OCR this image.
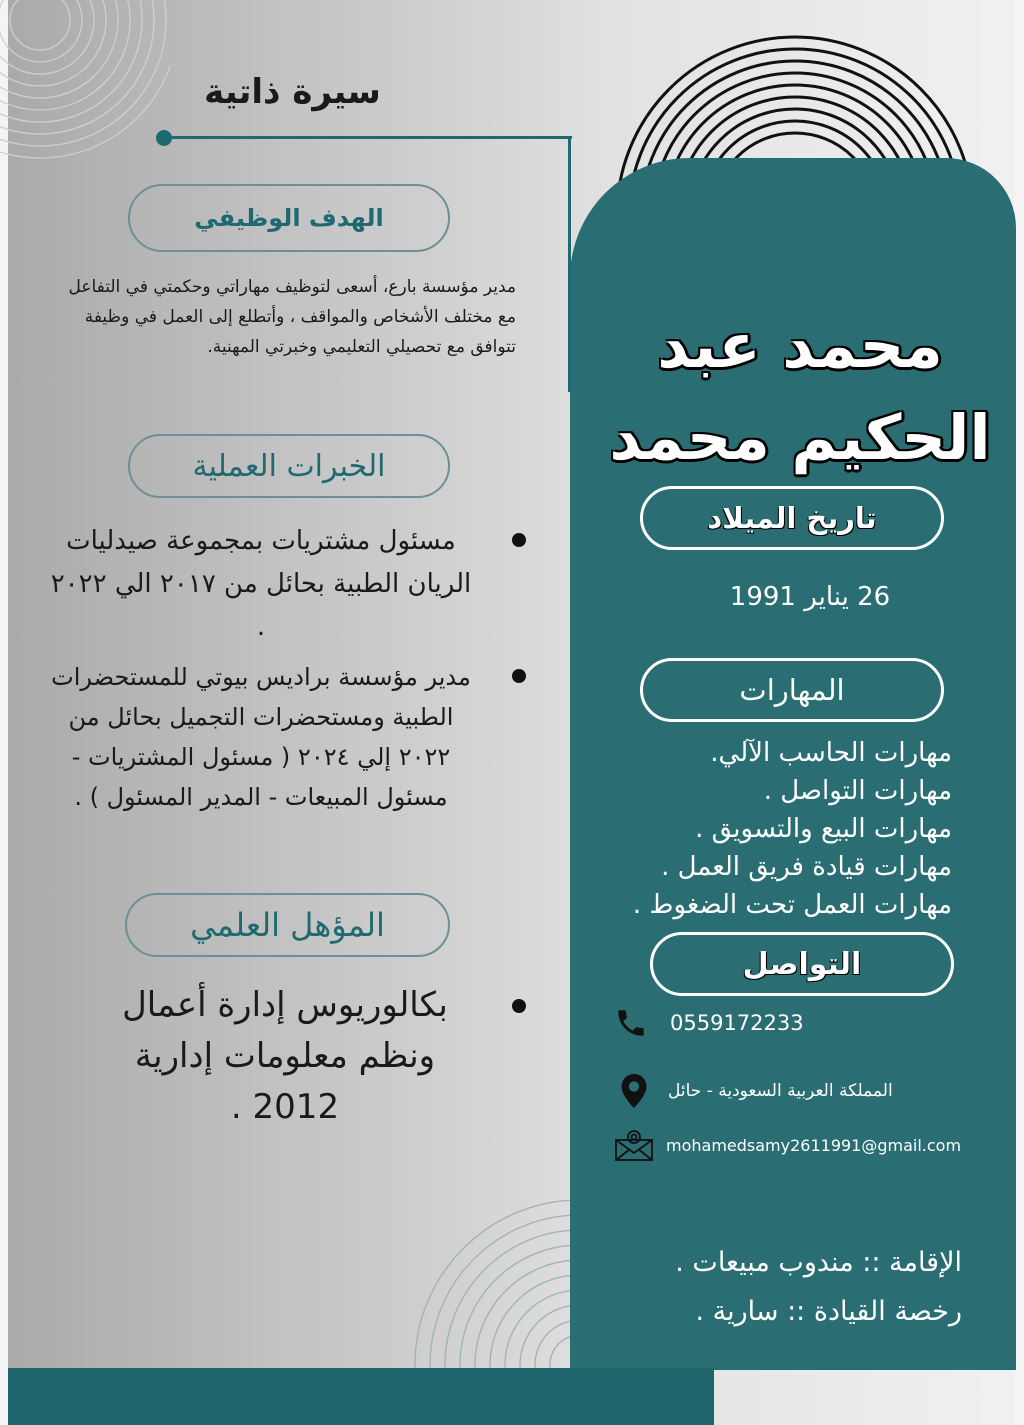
سيرة ذاتية
الهدف الوظيفي
مدير مؤسسة بارع، أسعى لتوظيف مهاراتي وحكمتي في التفاعل مع مختلف الأشخاص والمواقف ، وأتطلع إلى العمل في وظيفة تتوافق مع تحصيلي التعليمي وخبرتي المهنية.
الخبرات العملية
مسئول مشتريات بمجموعة صيدليات الريان الطبية بحائل من ٢٠١٧ الي ٢٠٢٢ .
مدير مؤسسة براديس بيوتي للمستحضرات الطبية ومستحضرات التجميل بحائل من ٢٠٢٢ إلي ٢٠٢٤ ( مسئول المشتريات - مسئول المبيعات - المدير المسئول ) .
المؤهل العلمي
بكالوريوس إدارة أعمال ونظم معلومات إدارية 2012 .
محمد عبد الحكيم محمد
تاريخ الميلاد
26 يناير 1991
المهارات
مهارات الحاسب الآلي.
مهارات التواصل .
مهارات البيع والتسويق .
مهارات قيادة فريق العمل .
مهارات العمل تحت الضغوط .
التواصل
0559172233
المملكة العربية السعودية - حائل
mohamedsamy2611991@gmail.com
الإقامة :: مندوب مبيعات .
رخصة القيادة :: سارية .
